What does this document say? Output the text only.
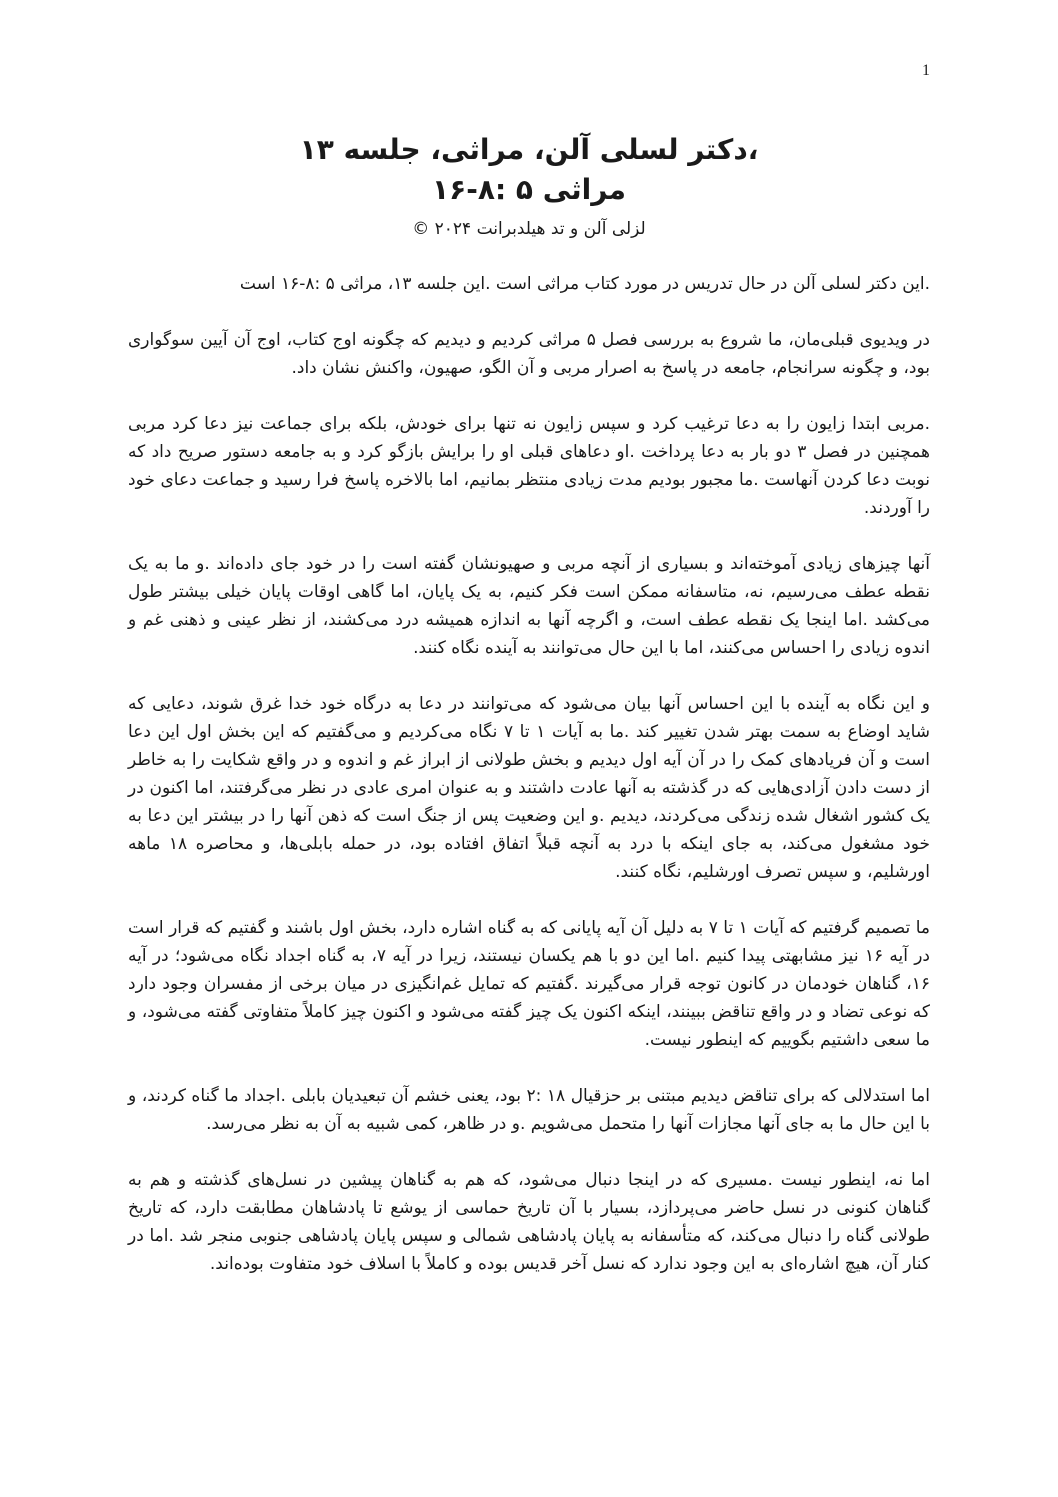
1
،دکتر لسلی آلن، مراثی، جلسه ۱۳
مراثی ۵ :۸-۱۶
لزلی آلن و تد هیلدبرانت ۲۰۲۴ ©

.این دکتر لسلی آلن در حال تدریس در مورد کتاب مراثی است .این جلسه ۱۳، مراثی ۵ :۸-۱۶ است

در ویدیوی قبلی‌مان، ما شروع به بررسی فصل ۵ مراثی کردیم و دیدیم که چگونه اوج کتاب، اوج آن آیین سوگواری بود، و چگونه سرانجام، جامعه در پاسخ به اصرار مربی و آن الگو، صهیون، واکنش نشان داد.

.مربی ابتدا زایون را به دعا ترغیب کرد و سپس زایون نه تنها برای خودش، بلکه برای جماعت نیز دعا کرد مربی همچنین در فصل ۳ دو بار به دعا پرداخت .او دعاهای قبلی او را برایش بازگو کرد و به جامعه دستور صریح داد که نوبت دعا کردن آنهاست .ما مجبور بودیم مدت زیادی منتظر بمانیم، اما بالاخره پاسخ فرا رسید و جماعت دعای خود را آوردند.

آنها چیزهای زیادی آموخته‌اند و بسیاری از آنچه مربی و صهیونشان گفته است را در خود جای داده‌اند .و ما به یک نقطه عطف می‌رسیم، نه، متاسفانه ممکن است فکر کنیم، به یک پایان، اما گاهی اوقات پایان خیلی بیشتر طول می‌کشد .اما اینجا یک نقطه عطف است، و اگرچه آنها به اندازه همیشه درد می‌کشند، از نظر عینی و ذهنی غم و اندوه زیادی را احساس می‌کنند، اما با این حال می‌توانند به آینده نگاه کنند.

و این نگاه به آینده با این احساس آنها بیان می‌شود که می‌توانند در دعا به درگاه خود خدا غرق شوند، دعایی که شاید اوضاع به سمت بهتر شدن تغییر کند .ما به آیات ۱ تا ۷ نگاه می‌کردیم و می‌گفتیم که این بخش اول این دعا است و آن فریادهای کمک را در آن آیه اول دیدیم و بخش طولانی از ابراز غم و اندوه و در واقع شکایت را به خاطر از دست دادن آزادی‌هایی که در گذشته به آنها عادت داشتند و به عنوان امری عادی در نظر می‌گرفتند، اما اکنون در یک کشور اشغال شده زندگی می‌کردند، دیدیم .و این وضعیت پس از جنگ است که ذهن آنها را در بیشتر این دعا به خود مشغول می‌کند، به جای اینکه با درد به آنچه قبلاً اتفاق افتاده بود، در حمله بابلی‌ها، و محاصره ۱۸ ماهه اورشلیم، و سپس تصرف اورشلیم، نگاه کنند.

ما تصمیم گرفتیم که آیات ۱ تا ۷ به دلیل آن آیه پایانی که به گناه اشاره دارد، بخش اول باشند و گفتیم که قرار است در آیه ۱۶ نیز مشابهتی پیدا کنیم .اما این دو با هم یکسان نیستند، زیرا در آیه ۷، به گناه اجداد نگاه می‌شود؛ در آیه ۱۶، گناهان خودمان در کانون توجه قرار می‌گیرند .گفتیم که تمایل غم‌انگیزی در میان برخی از مفسران وجود دارد که نوعی تضاد و در واقع تناقض ببینند، اینکه اکنون یک چیز گفته می‌شود و اکنون چیز کاملاً متفاوتی گفته می‌شود، و ما سعی داشتیم بگوییم که اینطور نیست.

اما استدلالی که برای تناقض دیدیم مبتنی بر حزقیال ۱۸ :۲ بود، یعنی خشم آن تبعیدیان بابلی .اجداد ما گناه کردند، و با این حال ما به جای آنها مجازات آنها را متحمل می‌شویم .و در ظاهر، کمی شبیه به آن به نظر می‌رسد.

اما نه، اینطور نیست .مسیری که در اینجا دنبال می‌شود، که هم به گناهان پیشین در نسل‌های گذشته و هم به گناهان کنونی در نسل حاضر می‌پردازد، بسیار با آن تاریخ حماسی از یوشع تا پادشاهان مطابقت دارد، که تاریخ طولانی گناه را دنبال می‌کند، که متأسفانه به پایان پادشاهی شمالی و سپس پایان پادشاهی جنوبی منجر شد .اما در کنار آن، هیچ اشاره‌ای به این وجود ندارد که نسل آخر قدیس بوده و کاملاً با اسلاف خود متفاوت بوده‌اند.
